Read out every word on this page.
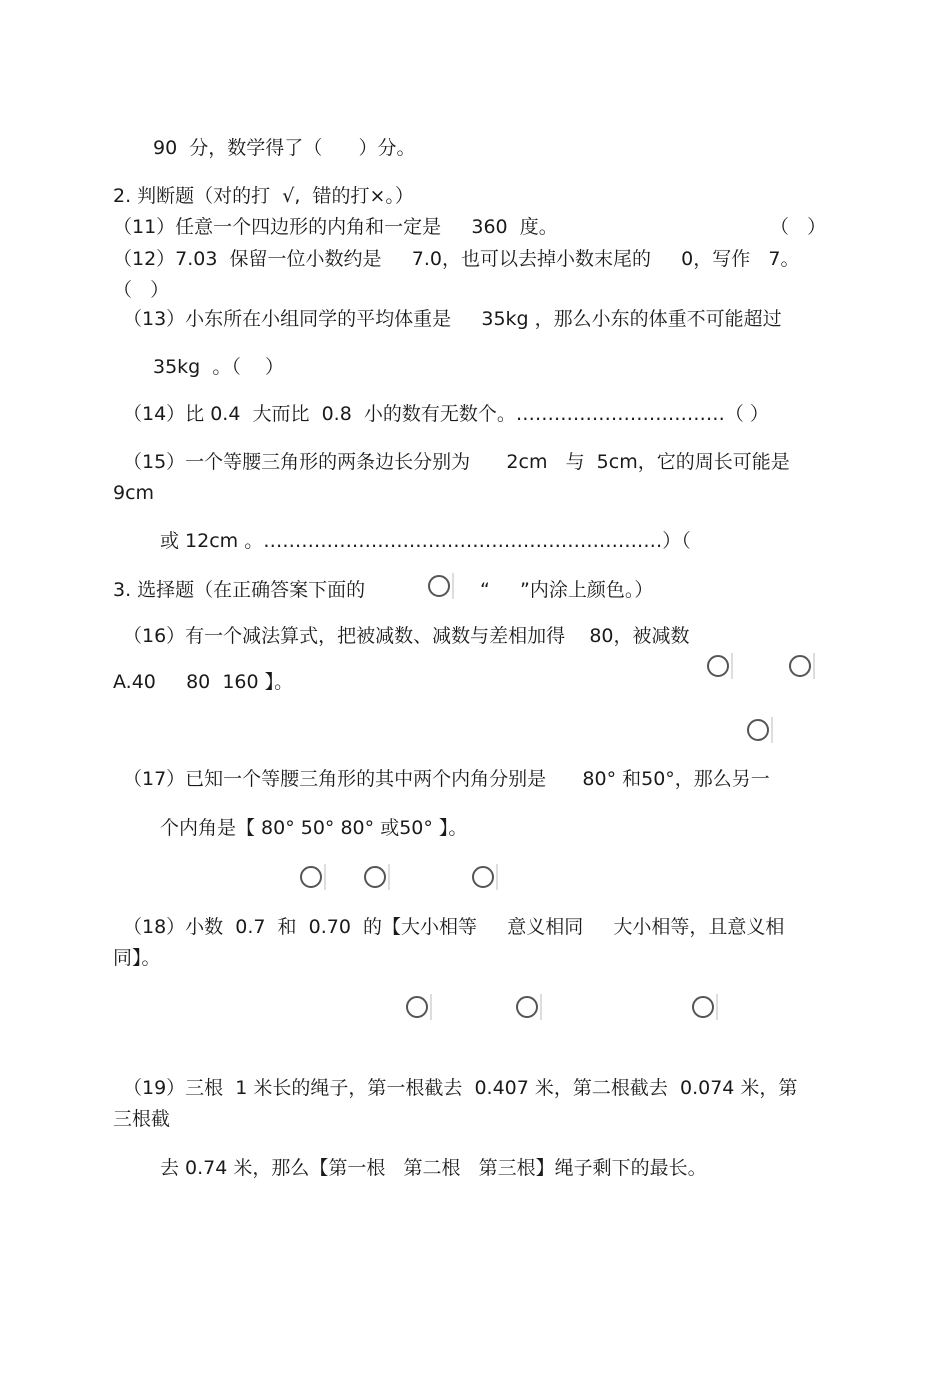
90  分，数学得了（      ）分。
2. 判断题（对的打  √,  错的打×。）
（11）任意一个四边形的内角和一定是     360  度。	（   ）
（12）7.03  保留一位小数约是     7.0，也可以去掉小数末尾的     0，写作   7。
（   ）
（13）小东所在小组同学的平均体重是     35kg ，那么小东的体重不可能超过
35kg  。（    ）
（14）比 0.4  大而比  0.8  小的数有无数个。……………………………（ ）
（15）一个等腰三角形的两条边长分别为      2cm   与  5cm，它的周长可能是
9cm
或 12cm 。………………………………………………………）（
3. 选择题（在正确答案下面的	“     ”内涂上颜色。）
（16）有一个减法算式，把被减数、减数与差相加得    80，被减数
A.40     80  160 】。
（17）已知一个等腰三角形的其中两个内角分别是      80° 和50°，那么另一
个内角是【 80° 50° 80° 或50° 】。
（18）小数  0.7  和  0.70  的【大小相等     意义相同     大小相等，且意义相
同】。
（19）三根  1 米长的绳子，第一根截去  0.407 米，第二根截去  0.074 米，第
三根截
去 0.74 米，那么【第一根   第二根   第三根】绳子剩下的最长。
